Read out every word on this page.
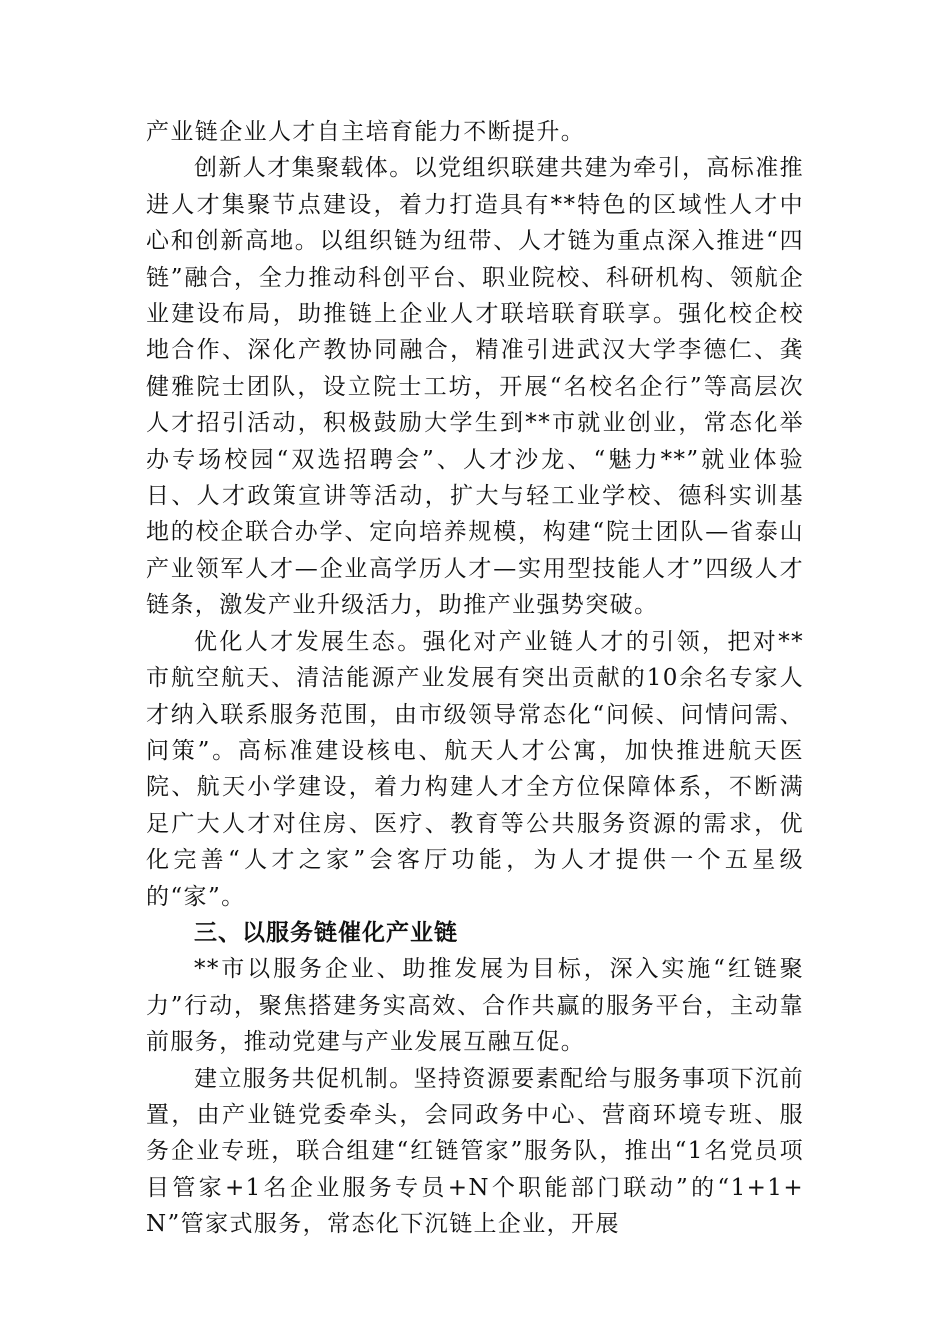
产业链企业人才自主培育能力不断提升。

创新人才集聚载体。以党组织联建共建为牵引，高标准推进人才集聚节点建设，着力打造具有**特色的区域性人才中心和创新高地。以组织链为纽带、人才链为重点深入推进“四链”融合，全力推动科创平台、职业院校、科研机构、领航企业建设布局，助推链上企业人才联培联育联享。强化校企校地合作、深化产教协同融合，精准引进武汉大学李德仁、龚健雅院士团队，设立院士工坊，开展“名校名企行”等高层次人才招引活动，积极鼓励大学生到**市就业创业，常态化举办专场校园“双选招聘会”、人才沙龙、“魅力**”就业体验日、人才政策宣讲等活动，扩大与轻工业学校、德科实训基地的校企联合办学、定向培养规模，构建“院士团队—省泰山产业领军人才—企业高学历人才—实用型技能人才”四级人才链条，激发产业升级活力，助推产业强势突破。

优化人才发展生态。强化对产业链人才的引领，把对**市航空航天、清洁能源产业发展有突出贡献的10余名专家人才纳入联系服务范围，由市级领导常态化“问候、问情问需、问策”。高标准建设核电、航天人才公寓，加快推进航天医院、航天小学建设，着力构建人才全方位保障体系，不断满足广大人才对住房、医疗、教育等公共服务资源的需求，优化完善“人才之家”会客厅功能，为人才提供一个五星级的“家”。

三、以服务链催化产业链

**市以服务企业、助推发展为目标，深入实施“红链聚力”行动，聚焦搭建务实高效、合作共赢的服务平台，主动靠前服务，推动党建与产业发展互融互促。

建立服务共促机制。坚持资源要素配给与服务事项下沉前置，由产业链党委牵头，会同政务中心、营商环境专班、服务企业专班，联合组建“红链管家”服务队，推出“1名党员项目管家+1名企业服务专员+N个职能部门联动”的“1+1+N”管家式服务，常态化下沉链上企业，开展
